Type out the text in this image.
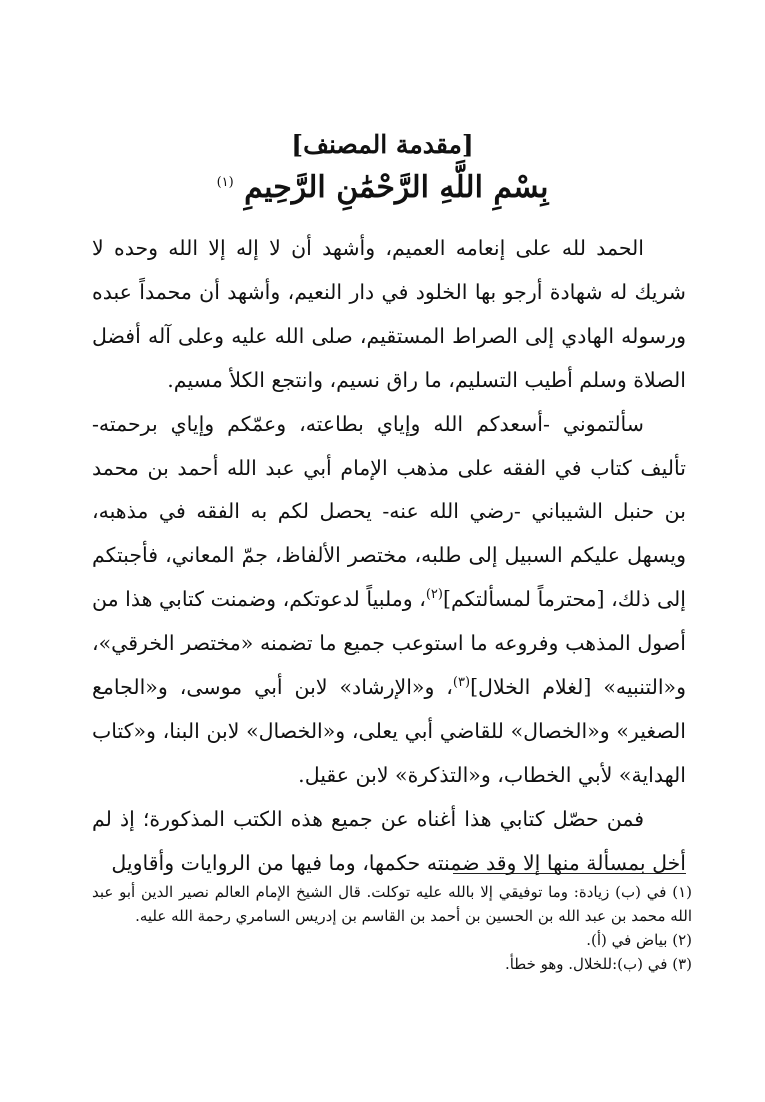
[مقدمة المصنف]
بِسْمِ اللَّهِ الرَّحْمَٰنِ الرَّحِيمِ $^{(١)}$

الحمد لله على إنعامه العميم، وأشهد أن لا إله إلا الله وحده لا شريك له شهادة أرجو بها الخلود في دار النعيم، وأشهد أن محمداً عبده ورسوله الهادي إلى الصراط المستقيم، صلى الله عليه وعلى آله أفضل الصلاة وسلم أطيب التسليم، ما راق نسيم، وانتجع الكلأ مسيم.

سألتموني -أسعدكم الله وإياي بطاعته، وعمّكم وإياي برحمته- تأليف كتاب في الفقه على مذهب الإمام أبي عبد الله أحمد بن محمد بن حنبل الشيباني -رضي الله عنه- يحصل لكم به الفقه في مذهبه، ويسهل عليكم السبيل إلى طلبه، مختصر الألفاظ، جمّ المعاني، فأجبتكم إلى ذلك، [محترماً لمسألتكم]$^{(٢)}$، وملبياً لدعوتكم، وضمنت كتابي هذا من أصول المذهب وفروعه ما استوعب جميع ما تضمنه «مختصر الخرقي»، و«التنبيه» [لغلام الخلال]$^{(٣)}$، و«الإرشاد» لابن أبي موسى، و«الجامع الصغير» و«الخصال» للقاضي أبي يعلى، و«الخصال» لابن البنا، و«كتاب الهداية» لأبي الخطاب، و«التذكرة» لابن عقيل.

فمن حصّل كتابي هذا أغناه عن جميع هذه الكتب المذكورة؛ إذ لم أخل بمسألة منها إلا وقد ضمنته حكمها، وما فيها من الروايات وأقاويل

(١) في (ب) زيادة: وما توفيقي إلا بالله عليه توكلت. قال الشيخ الإمام العالم نصير الدين أبو عبد الله محمد بن عبد الله بن الحسين بن أحمد بن القاسم بن إدريس السامري رحمة الله عليه.

(٢) بياض في (أ).

(٣) في (ب):للخلال. وهو خطأ.
